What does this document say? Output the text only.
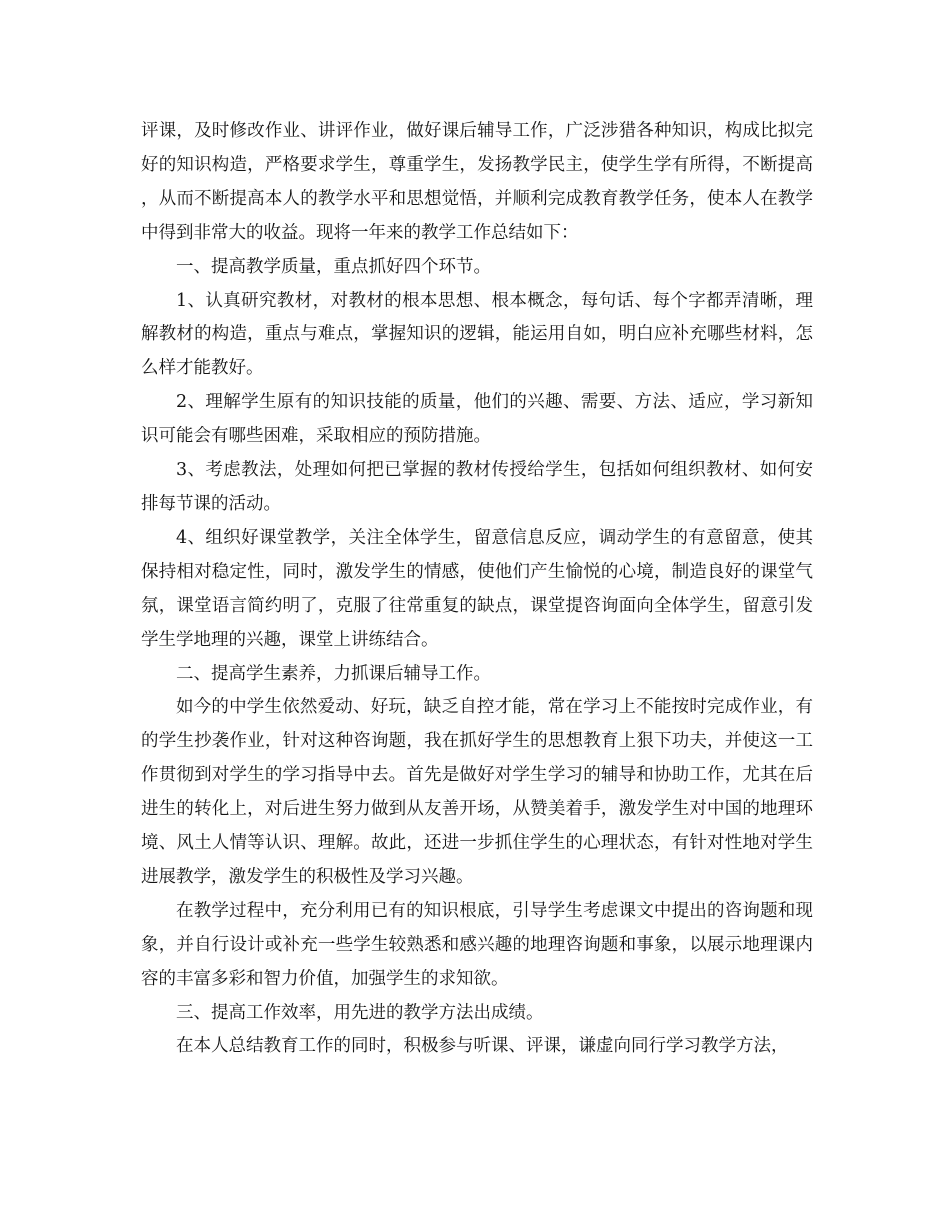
评课，及时修改作业、讲评作业，做好课后辅导工作，广泛涉猎各种知识，构成比拟完好的知识构造，严格要求学生，尊重学生，发扬教学民主，使学生学有所得，不断提高，从而不断提高本人的教学水平和思想觉悟，并顺利完成教育教学任务，使本人在教学中得到非常大的收益。现将一年来的教学工作总结如下：

一、提高教学质量，重点抓好四个环节。

1、认真研究教材，对教材的根本思想、根本概念，每句话、每个字都弄清晰，理解教材的构造，重点与难点，掌握知识的逻辑，能运用自如，明白应补充哪些材料，怎么样才能教好。

2、理解学生原有的知识技能的质量，他们的兴趣、需要、方法、适应，学习新知识可能会有哪些困难，采取相应的预防措施。

3、考虑教法，处理如何把已掌握的教材传授给学生，包括如何组织教材、如何安排每节课的活动。

4、组织好课堂教学，关注全体学生，留意信息反应，调动学生的有意留意，使其保持相对稳定性，同时，激发学生的情感，使他们产生愉悦的心境，制造良好的课堂气氛，课堂语言简约明了，克服了往常重复的缺点，课堂提咨询面向全体学生，留意引发学生学地理的兴趣，课堂上讲练结合。

二、提高学生素养，力抓课后辅导工作。

如今的中学生依然爱动、好玩，缺乏自控才能，常在学习上不能按时完成作业，有的学生抄袭作业，针对这种咨询题，我在抓好学生的思想教育上狠下功夫，并使这一工作贯彻到对学生的学习指导中去。首先是做好对学生学习的辅导和协助工作，尤其在后进生的转化上，对后进生努力做到从友善开场，从赞美着手，激发学生对中国的地理环境、风土人情等认识、理解。故此，还进一步抓住学生的心理状态，有针对性地对学生进展教学，激发学生的积极性及学习兴趣。

在教学过程中，充分利用已有的知识根底，引导学生考虑课文中提出的咨询题和现象，并自行设计或补充一些学生较熟悉和感兴趣的地理咨询题和事象，以展示地理课内容的丰富多彩和智力价值，加强学生的求知欲。

三、提高工作效率，用先进的教学方法出成绩。

在本人总结教育工作的同时，积极参与听课、评课，谦虚向同行学习教学方法，
